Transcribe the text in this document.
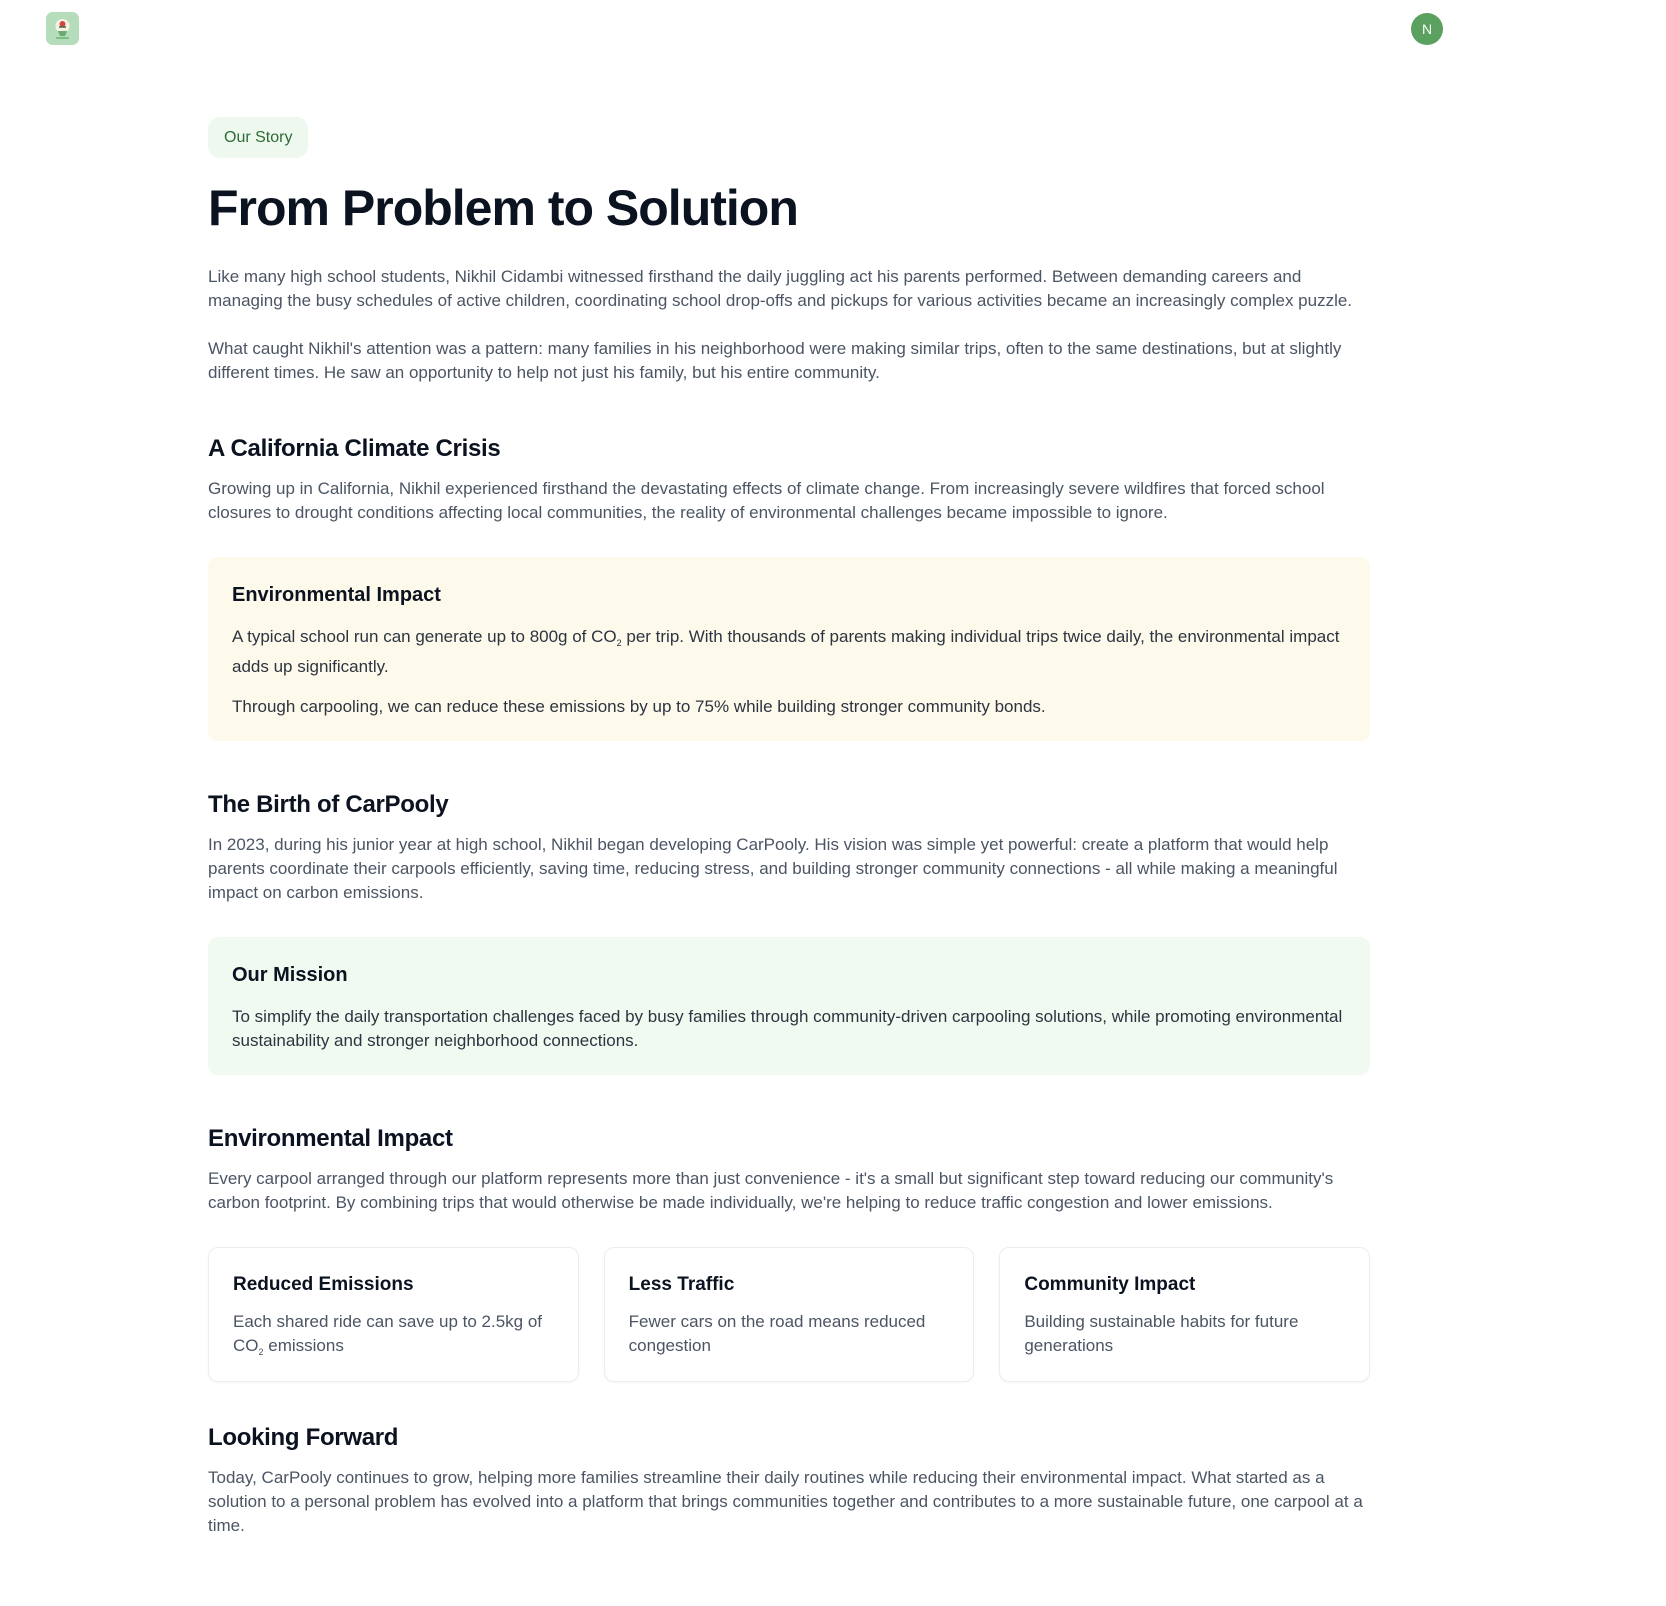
N
Our Story
From Problem to Solution

Like many high school students, Nikhil Cidambi witnessed firsthand the daily juggling act his parents performed. Between demanding careers and managing the busy schedules of active children, coordinating school drop-offs and pickups for various activities became an increasingly complex puzzle.

What caught Nikhil's attention was a pattern: many families in his neighborhood were making similar trips, often to the same destinations, but at slightly different times. He saw an opportunity to help not just his family, but his entire community.

A California Climate Crisis

Growing up in California, Nikhil experienced firsthand the devastating effects of climate change. From increasingly severe wildfires that forced school closures to drought conditions affecting local communities, the reality of environmental challenges became impossible to ignore.

Environmental Impact

A typical school run can generate up to 800g of $CO_2$ per trip. With thousands of parents making individual trips twice daily, the environmental impact adds up significantly.

Through carpooling, we can reduce these emissions by up to 75% while building stronger community bonds.

The Birth of CarPooly

In 2023, during his junior year at high school, Nikhil began developing CarPooly. His vision was simple yet powerful: create a platform that would help parents coordinate their carpools efficiently, saving time, reducing stress, and building stronger community connections - all while making a meaningful impact on carbon emissions.

Our Mission

To simplify the daily transportation challenges faced by busy families through community-driven carpooling solutions, while promoting environmental sustainability and stronger neighborhood connections.

Environmental Impact

Every carpool arranged through our platform represents more than just convenience - it's a small but significant step toward reducing our community's carbon footprint. By combining trips that would otherwise be made individually, we're helping to reduce traffic congestion and lower emissions.

Reduced Emissions

Each shared ride can save up to 2.5kg of $CO_2$ emissions

Less Traffic

Fewer cars on the road means reduced congestion

Community Impact

Building sustainable habits for future generations

Looking Forward

Today, CarPooly continues to grow, helping more families streamline their daily routines while reducing their environmental impact. What started as a solution to a personal problem has evolved into a platform that brings communities together and contributes to a more sustainable future, one carpool at a time.
